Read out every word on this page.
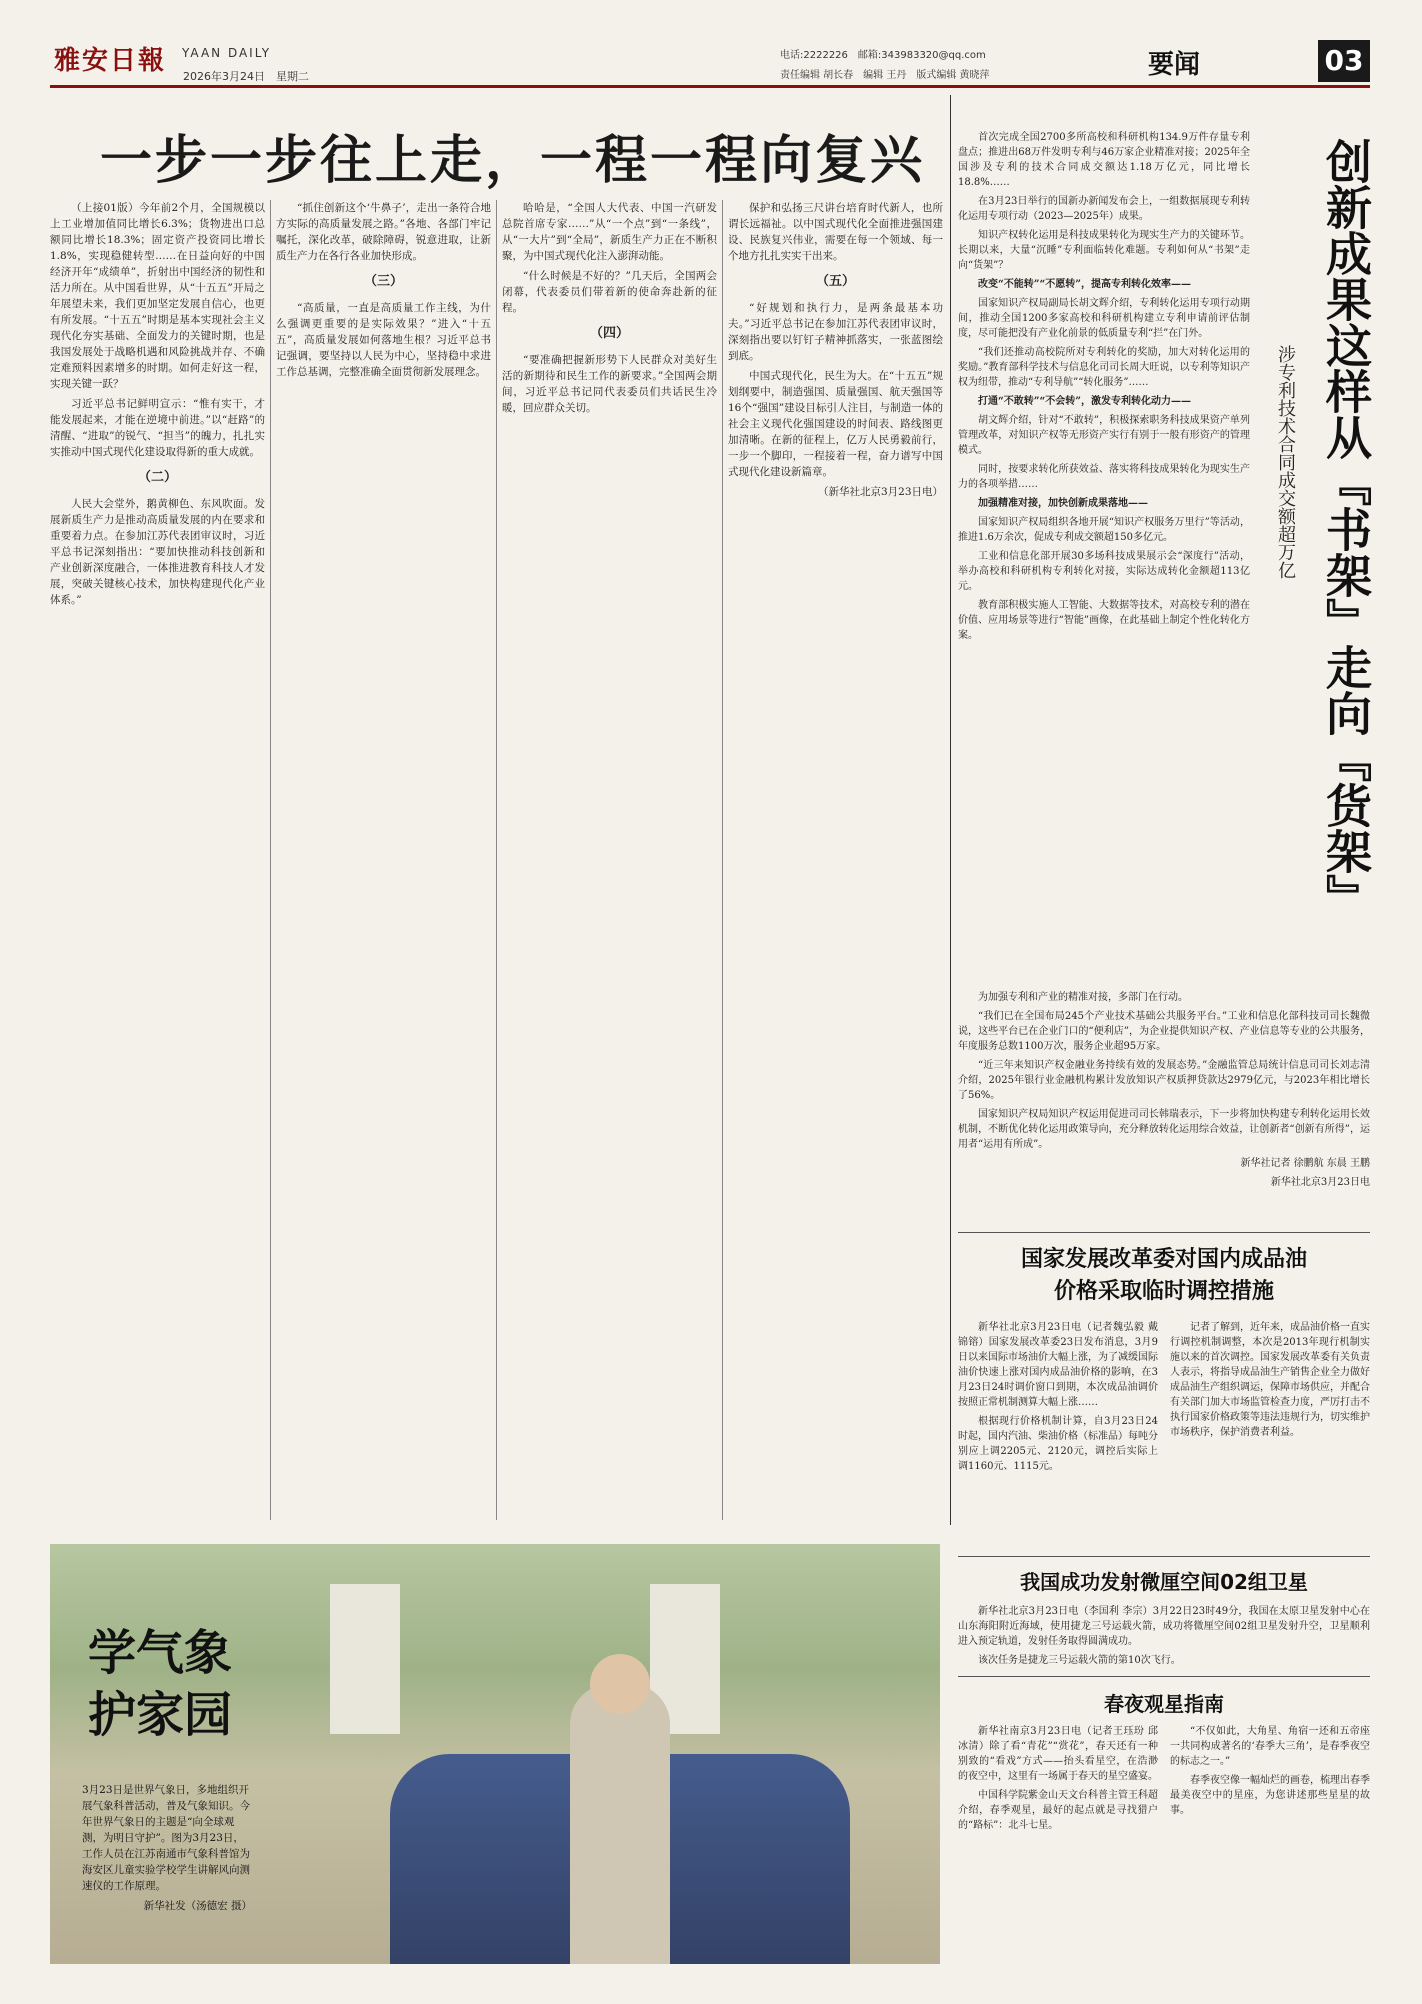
雅安日報 YAAN DAILY
2026年3月24日　星期二
电话:2222226　邮箱:343983320@qq.com
责任编辑 胡长春　编辑 王丹　版式编辑 黄晓萍	要闻	03
一步一步往上走，一程一程向复兴

（上接01版）今年前2个月，全国规模以上工业增加值同比增长6.3%；货物进出口总额同比增长18.3%；固定资产投资同比增长1.8%，实现稳健转型……在日益向好的中国经济开年“成绩单”，折射出中国经济的韧性和活力所在。从中国看世界，从“十五五”开局之年展望未来，我们更加坚定发展自信心，也更有所发展。“十五五”时期是基本实现社会主义现代化夯实基础、全面发力的关键时期，也是我国发展处于战略机遇和风险挑战并存、不确定难预料因素增多的时期。如何走好这一程，实现关键一跃？

习近平总书记鲜明宣示：“惟有实干，才能发展起来，才能在逆境中前进。”以“赶路”的清醒、“进取”的锐气、“担当”的魄力，扎扎实实推动中国式现代化建设取得新的重大成就。

（二）

人民大会堂外，鹅黄柳色、东风吹面。发展新质生产力是推动高质量发展的内在要求和重要着力点。在参加江苏代表团审议时，习近平总书记深刻指出：“要加快推动科技创新和产业创新深度融合，一体推进教育科技人才发展，突破关键核心技术，加快构建现代化产业体系。”

“抓住创新这个‘牛鼻子’，走出一条符合地方实际的高质量发展之路。”各地、各部门牢记嘱托，深化改革，破除障碍，锐意进取，让新质生产力在各行各业加快形成。

（三）

“高质量，一直是高质量工作主线，为什么强调更重要的是实际效果？”进入“十五五”，高质量发展如何落地生根？习近平总书记强调，要坚持以人民为中心，坚持稳中求进工作总基调，完整准确全面贯彻新发展理念。

哈哈是，“全国人大代表、中国一汽研发总院首席专家……”从“一个点”到“一条线”，从“一大片”到“全局”，新质生产力正在不断积聚，为中国式现代化注入澎湃动能。

“什么时候是不好的？”几天后，全国两会闭幕，代表委员们带着新的使命奔赴新的征程。

（四）

“要准确把握新形势下人民群众对美好生活的新期待和民生工作的新要求。”全国两会期间，习近平总书记同代表委员们共话民生冷暖，回应群众关切。

保护和弘扬三尺讲台培育时代新人，也所谓长远福祉。以中国式现代化全面推进强国建设、民族复兴伟业，需要在每一个领域、每一个地方扎扎实实干出来。

（五）

“好规划和执行力，是两条最基本功夫。”习近平总书记在参加江苏代表团审议时，深刻指出要以钉钉子精神抓落实，一张蓝图绘到底。

中国式现代化，民生为大。在“十五五”规划纲要中，制造强国、质量强国、航天强国等16个“强国”建设目标引人注目，与制造一体的社会主义现代化强国建设的时间表、路线图更加清晰。在新的征程上，亿万人民勇毅前行，一步一个脚印，一程接着一程，奋力谱写中国式现代化建设新篇章。

（新华社北京3月23日电）	创新成果这样从『书架』走向『货架』
涉专利技术合同成交额超万亿

首次完成全国2700多所高校和科研机构134.9万件存量专利盘点；推进出68万件发明专利与46万家企业精准对接；2025年全国涉及专利的技术合同成交额达1.18万亿元，同比增长18.8%……

在3月23日举行的国新办新闻发布会上，一组数据展现专利转化运用专项行动（2023—2025年）成果。

知识产权转化运用是科技成果转化为现实生产力的关键环节。长期以来，大量“沉睡”专利面临转化难题。专利如何从“书架”走向“货架”？

改变“不能转”“不愿转”，提高专利转化效率——

国家知识产权局副局长胡文辉介绍，专利转化运用专项行动期间，推动全国1200多家高校和科研机构建立专利申请前评估制度，尽可能把没有产业化前景的低质量专利“拦”在门外。

“我们还推动高校院所对专利转化的奖励，加大对转化运用的奖励。”教育部科学技术与信息化司司长周大旺说，以专利等知识产权为纽带，推动“专利导航”“转化服务”……

打通“不敢转”“不会转”，激发专利转化动力——

胡文辉介绍，针对“不敢转”，积极探索职务科技成果资产单列管理改革，对知识产权等无形资产实行有别于一般有形资产的管理模式。

同时，按要求转化所获效益、落实将科技成果转化为现实生产力的各项举措……

加强精准对接，加快创新成果落地——

国家知识产权局组织各地开展“知识产权服务万里行”等活动，推进1.6万余次，促成专利成交额超150多亿元。

工业和信息化部开展30多场科技成果展示会“深度行”活动，举办高校和科研机构专利转化对接，实际达成转化金额超113亿元。

教育部积极实施人工智能、大数据等技术，对高校专利的潜在价值、应用场景等进行“智能”画像，在此基础上制定个性化转化方案。

为加强专利和产业的精准对接，多部门在行动。

“我们已在全国布局245个产业技术基础公共服务平台。”工业和信息化部科技司司长魏微说，这些平台已在企业门口的“便利店”，为企业提供知识产权、产业信息等专业的公共服务，年度服务总数1100万次，服务企业超95万家。

“近三年来知识产权金融业务持续有效的发展态势。”金融监管总局统计信息司司长刘志清介绍，2025年银行业金融机构累计发放知识产权质押贷款达2979亿元，与2023年相比增长了56%。

国家知识产权局知识产权运用促进司司长韩瑞表示，下一步将加快构建专利转化运用长效机制，不断优化转化运用政策导向，充分释放转化运用综合效益，让创新者“创新有所得”，运用者“运用有所成”。

新华社记者 徐鹏航 东晨 王鹏

新华社北京3月23日电

国家发展改革委对国内成品油
价格采取临时调控措施

新华社北京3月23日电（记者魏弘毅 戴锦镕）国家发展改革委23日发布消息，3月9日以来国际市场油价大幅上涨，为了减缓国际油价快速上涨对国内成品油价格的影响，在3月23日24时调价窗口到期，本次成品油调价按照正常机制测算大幅上涨……

根据现行价格机制计算，自3月23日24时起，国内汽油、柴油价格（标准品）每吨分别应上调2205元、2120元，调控后实际上调1160元、1115元。

记者了解到，近年来，成品油价格一直实行调控机制调整，本次是2013年现行机制实施以来的首次调控。国家发展改革委有关负责人表示，将指导成品油生产销售企业全力做好成品油生产组织调运，保障市场供应，并配合有关部门加大市场监管检查力度，严厉打击不执行国家价格政策等违法违规行为，切实维护市场秩序，保护消费者利益。

我国成功发射微厘空间02组卫星

新华社北京3月23日电（李国利 李宗）3月22日23时49分，我国在太原卫星发射中心在山东海阳附近海域，使用捷龙三号运载火箭，成功将微厘空间02组卫星发射升空，卫星顺利进入预定轨道，发射任务取得圆满成功。

该次任务是捷龙三号运载火箭的第10次飞行。

春夜观星指南

新华社南京3月23日电（记者王珏玢 邱冰清）除了看“青花”“赏花”，春天还有一种别致的“看戏”方式——抬头看星空，在浩渺的夜空中，这里有一场属于春天的星空盛宴。

中国科学院紫金山天文台科普主管王科超介绍，春季观星，最好的起点就是寻找猎户的“路标”：北斗七星。

“不仅如此，大角星、角宿一还和五帝座一共同构成著名的‘春季大三角’，是春季夜空的标志之一。”

春季夜空像一幅灿烂的画卷，梳理出春季最美夜空中的星座，为您讲述那些星星的故事。

学气象
护家园
3月23日是世界气象日，多地组织开展气象科普活动，普及气象知识。今年世界气象日的主题是“向全球观测，为明日守护”。图为3月23日，工作人员在江苏南通市气象科普馆为海安区儿童实验学校学生讲解风向测速仪的工作原理。
新华社发（汤德宏 摄）
